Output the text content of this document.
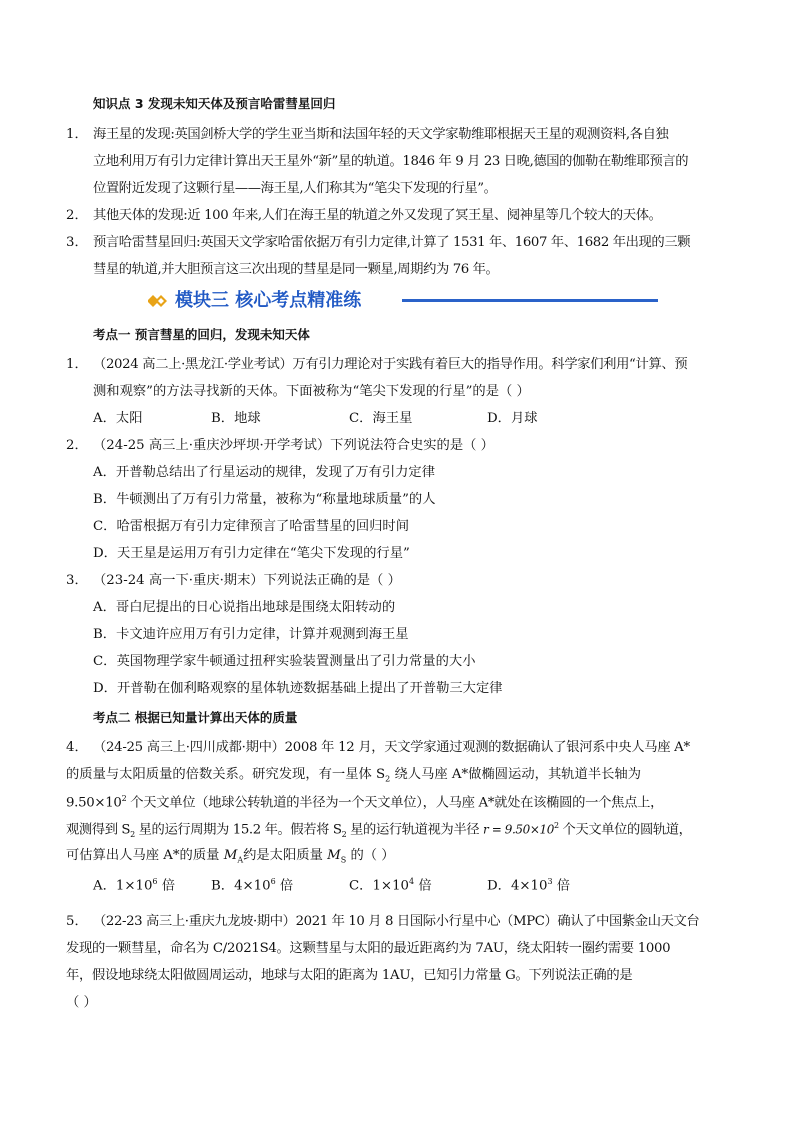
知识点 3 发现未知天体及预言哈雷彗星回归
1． 海王星的发现:英国剑桥大学的学生亚当斯和法国年轻的天文学家勒维耶根据天王星的观测资料,各自独
立地利用万有引力定律计算出天王星外“新”星的轨道。1846 年 9 月 23 日晚,德国的伽勒在勒维耶预言的
位置附近发现了这颗行星——海王星,人们称其为“笔尖下发现的行星”。
2． 其他天体的发现:近 100 年来,人们在海王星的轨道之外又发现了冥王星、阋神星等几个较大的天体。
3． 预言哈雷彗星回归:英国天文学家哈雷依据万有引力定律,计算了 1531 年、1607 年、1682 年出现的三颗
彗星的轨道,并大胆预言这三次出现的彗星是同一颗星,周期约为 76 年。
模块三 核心考点精准练
考点一 预言彗星的回归，发现未知天体
1． （2024 高二上·黑龙江·学业考试）万有引力理论对于实践有着巨大的指导作用。科学家们利用“计算、预
测和观察”的方法寻找新的天体。下面被称为“笔尖下发现的行星”的是（ ）
A．太阳	B．地球	C．海王星	D．月球
2． （24-25 高三上·重庆沙坪坝·开学考试）下列说法符合史实的是（ ）
A．开普勒总结出了行星运动的规律，发现了万有引力定律
B．牛顿测出了万有引力常量，被称为“称量地球质量”的人
C．哈雷根据万有引力定律预言了哈雷彗星的回归时间
D．天王星是运用万有引力定律在“笔尖下发现的行星”
3． （23-24 高一下·重庆·期末）下列说法正确的是（ ）
A．哥白尼提出的日心说指出地球是围绕太阳转动的
B．卡文迪许应用万有引力定律，计算并观测到海王星
C．英国物理学家牛顿通过扭秤实验装置测量出了引力常量的大小
D．开普勒在伽利略观察的星体轨迹数据基础上提出了开普勒三大定律
考点二 根据已知量计算出天体的质量
4． （24-25 高三上·四川成都·期中）2008 年 12 月，天文学家通过观测的数据确认了银河系中央人马座 A*
的质量与太阳质量的倍数关系。研究发现，有一星体 $S_2$ 绕人马座 A*做椭圆运动，其轨道半长轴为
$9.50\times 10^2$ 个天文单位（地球公转轨道的半径为一个天文单位），人马座 A*就处在该椭圆的一个焦点上，
观测得到 $S_2$ 星的运行周期为 15.2 年。假若将 $S_2$ 星的运行轨道视为半径 $r = 9.50\times 10^2$ 个天文单位的圆轨道，
可估算出人马座 A*的质量 $M_A$约是太阳质量 $M_S$ 的（ ）
A．$1\times 10^6$ 倍	B．$4\times 10^6$ 倍	C．$1\times 10^4$ 倍	D．$4\times 10^3$ 倍
5． （22-23 高三上·重庆九龙坡·期中）2021 年 10 月 8 日国际小行星中心（MPC）确认了中国紫金山天文台
发现的一颗彗星，命名为 C/2021S4。这颗彗星与太阳的最近距离约为 7AU，绕太阳转一圈约需要 1000
年，假设地球绕太阳做圆周运动，地球与太阳的距离为 1AU，已知引力常量 G。下列说法正确的是
（ ）
